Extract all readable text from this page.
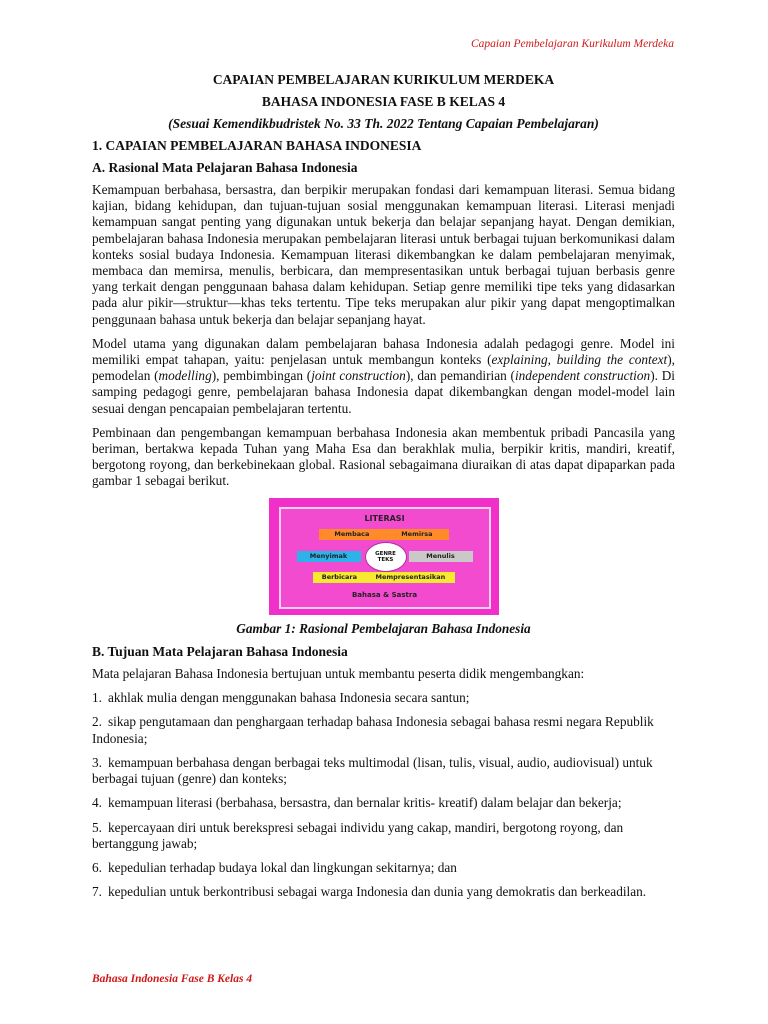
Capaian Pembelajaran Kurikulum Merdeka
CAPAIAN PEMBELAJARAN KURIKULUM MERDEKA
BAHASA INDONESIA FASE B KELAS 4
(Sesuai Kemendikbudristek No. 33 Th. 2022 Tentang Capaian Pembelajaran)
1. CAPAIAN PEMBELAJARAN BAHASA INDONESIA
A. Rasional Mata Pelajaran Bahasa Indonesia

Kemampuan berbahasa, bersastra, dan berpikir merupakan fondasi dari kemampuan literasi. Semua bidang kajian, bidang kehidupan, dan tujuan-tujuan sosial menggunakan kemampuan literasi. Literasi menjadi kemampuan sangat penting yang digunakan untuk bekerja dan belajar sepanjang hayat. Dengan demikian, pembelajaran bahasa Indonesia merupakan pembelajaran literasi untuk berbagai tujuan berkomunikasi dalam konteks sosial budaya Indonesia. Kemampuan literasi dikembangkan ke dalam pembelajaran menyimak, membaca dan memirsa, menulis, berbicara, dan mempresentasikan untuk berbagai tujuan berbasis genre yang terkait dengan penggunaan bahasa dalam kehidupan. Setiap genre memiliki tipe teks yang didasarkan pada alur pikir—struktur—khas teks tertentu. Tipe teks merupakan alur pikir yang dapat mengoptimalkan penggunaan bahasa untuk bekerja dan belajar sepanjang hayat.

Model utama yang digunakan dalam pembelajaran bahasa Indonesia adalah pedagogi genre. Model ini memiliki empat tahapan, yaitu: penjelasan untuk membangun konteks (explaining, building the context), pemodelan (modelling), pembimbingan (joint construction), dan pemandirian (independent construction). Di samping pedagogi genre, pembelajaran bahasa Indonesia dapat dikembangkan dengan model-model lain sesuai dengan pencapaian pembelajaran tertentu.

Pembinaan dan pengembangan kemampuan berbahasa Indonesia akan membentuk pribadi Pancasila yang beriman, bertakwa kepada Tuhan yang Maha Esa dan berakhlak mulia, berpikir kritis, mandiri, kreatif, bergotong royong, dan berkebinekaan global. Rasional sebagaimana diuraikan di atas dapat dipaparkan pada gambar 1 sebagai berikut.

LITERASI
Membaca	Memirsa
Menyimak	GENRE
TEKS	Menulis
Berbicara	Mempresentasikan
Bahasa & Sastra
Gambar 1: Rasional Pembelajaran Bahasa Indonesia
B. Tujuan Mata Pelajaran Bahasa Indonesia

Mata pelajaran Bahasa Indonesia bertujuan untuk membantu peserta didik mengembangkan:

1. akhlak mulia dengan menggunakan bahasa Indonesia secara santun;
2. sikap pengutamaan dan penghargaan terhadap bahasa Indonesia sebagai bahasa resmi negara Republik Indonesia;
3. kemampuan berbahasa dengan berbagai teks multimodal (lisan, tulis, visual, audio, audiovisual) untuk berbagai tujuan (genre) dan konteks;
4. kemampuan literasi (berbahasa, bersastra, dan bernalar kritis- kreatif) dalam belajar dan bekerja;
5. kepercayaan diri untuk berekspresi sebagai individu yang cakap, mandiri, bergotong royong, dan bertanggung jawab;
6. kepedulian terhadap budaya lokal dan lingkungan sekitarnya; dan
7. kepedulian untuk berkontribusi sebagai warga Indonesia dan dunia yang demokratis dan berkeadilan.
Bahasa Indonesia Fase B Kelas 4
